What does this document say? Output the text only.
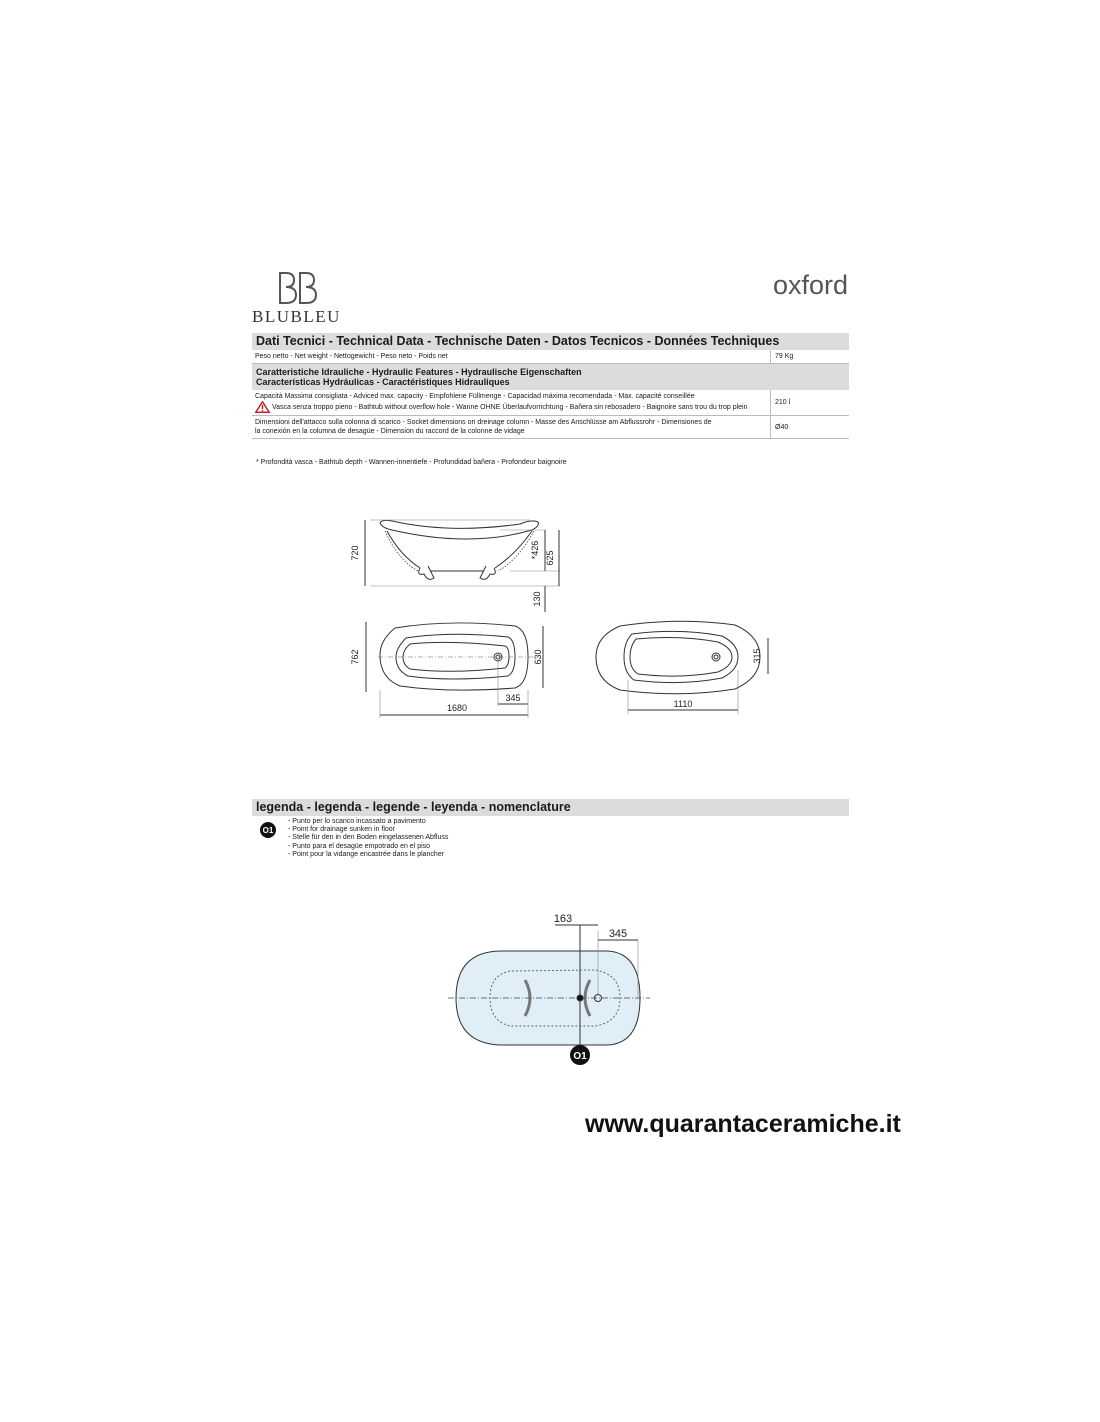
BLUBLEU
oxford
Dati Tecnici - Technical Data - Technische Daten - Datos Tecnicos - Données Techniques
Peso netto - Net weight - Nettogewicht - Peso neto - Poids net	79 Kg
Caratteristiche Idrauliche - Hydraulic Features - Hydraulische Eigenschaften
Características Hydráulicas - Caractéristiques Hidrauliques
Capacità Massima consigliata - Adviced max. capacity - Empfohlene Füllmenge - Capacidad máxima recomendada - Max. capacité conseillée
Vasca senza troppo pieno - Bathtub without overflow hole - Wanne OHNE Überlaufvorrichtung - Bañera sin rebosadero - Baignoire sans trou du trop plein
210 l
Dimensioni dell'attacco sulla colonna di scarico - Socket dimensions on dreinage column - Masse des Anschlüsse am Abflussrohr - Dimensiones de
la conexión en la columna de desagüe - Dimension du raccord de la colonne de vidage
Ø40
* Profondità vasca - Bathtub depth - Wannen-innentiefe - Profundidad bañera - Profondeur baignoire
720	*426 625
130
762	630
1680
345
315
1110
163
345
O1
legenda - legenda - legende - leyenda - nomenclature
O1
- Punto per lo scarico incassato a pavimento
- Point for drainage sunken in floor
- Stelle für den in den Boden eingelassenen Abfluss
- Punto para el desagüe empotrado en el piso
- Point pour la vidange encastrée dans le plancher
www.quarantaceramiche.it
